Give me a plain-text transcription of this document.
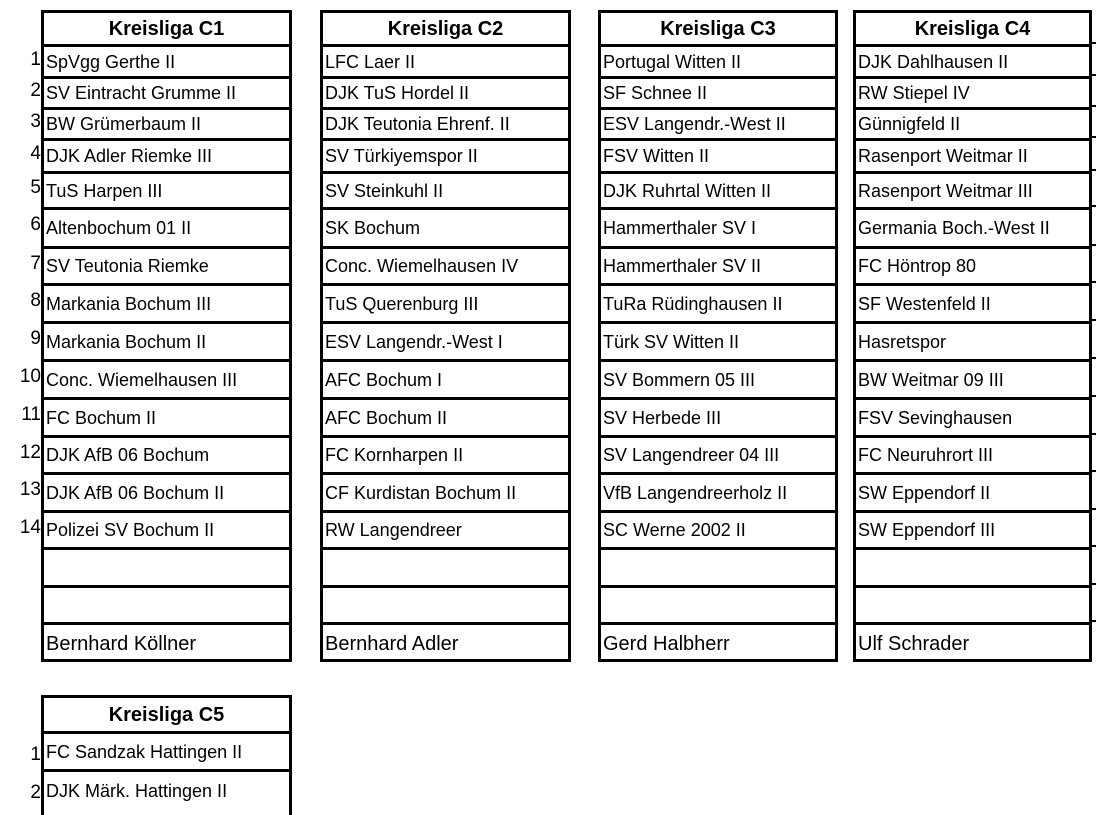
1
2
3
4
5
6
7
8
9
10
11
12
13
14
1
2
Kreisliga C1
SpVgg Gerthe II
SV Eintracht Grumme II
BW Grümerbaum II
DJK Adler Riemke III
TuS Harpen III
Altenbochum 01 II
SV Teutonia Riemke
Markania Bochum III
Markania Bochum II
Conc. Wiemelhausen III
FC Bochum II
DJK AfB 06 Bochum
DJK AfB 06 Bochum II
Polizei SV Bochum II
Bernhard Köllner
Kreisliga C2
LFC Laer II
DJK TuS Hordel II
DJK Teutonia Ehrenf. II
SV Türkiyemspor II
SV Steinkuhl II
SK Bochum
Conc. Wiemelhausen IV
TuS Querenburg III
ESV Langendr.-West I
AFC Bochum I
AFC Bochum II
FC Kornharpen II
CF Kurdistan Bochum II
RW Langendreer
Bernhard Adler
Kreisliga C3
Portugal Witten II
SF Schnee II
ESV Langendr.-West II
FSV Witten II
DJK Ruhrtal Witten II
Hammerthaler SV I
Hammerthaler SV II
TuRa Rüdinghausen II
Türk SV Witten II
SV Bommern 05 III
SV Herbede III
SV Langendreer 04 III
VfB Langendreerholz II
SC Werne 2002 II
Gerd Halbherr
Kreisliga C4
DJK Dahlhausen II
RW Stiepel IV
Günnigfeld II
Rasenport Weitmar II
Rasenport Weitmar III
Germania Boch.-West II
FC Höntrop 80
SF Westenfeld II
Hasretspor
BW Weitmar 09 III
FSV Sevinghausen
FC Neuruhrort III
SW Eppendorf II
SW Eppendorf III
Ulf Schrader
Kreisliga C5
FC Sandzak Hattingen II
DJK Märk. Hattingen II
